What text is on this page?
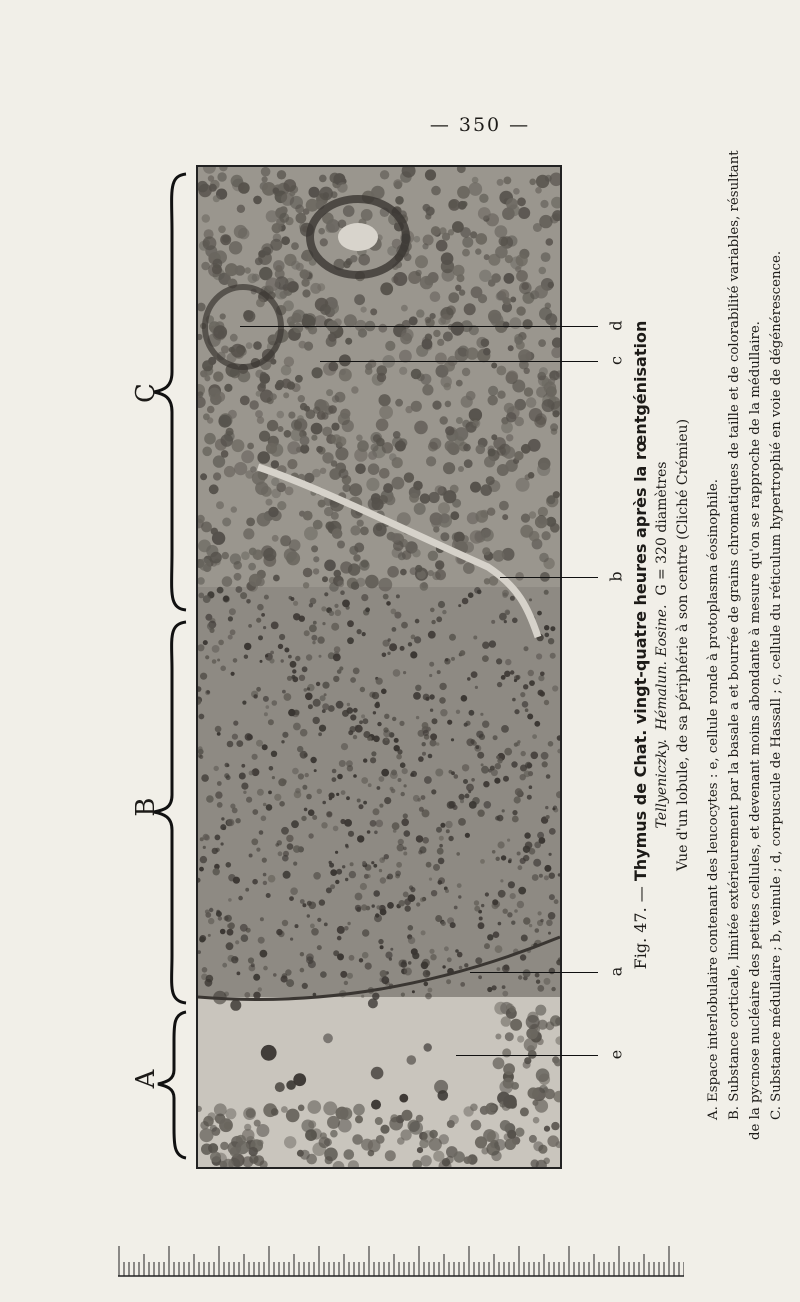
— 350 —
C
B
A
d
c
b
a
e

Fig. 47. — Thymus de Chat. vingt-quatre heures après la rœntgénisation Tellyeniczky.  Hémalun. Eosine.  G = 320 diamètres Vue d'un lobule, de sa périphérie à son centre (Cliché Crémieu) A. Espace interlobulaire contenant des leucocytes : e, cellule ronde à protoplasma éosinophile. B. Substance corticale, limitée extérieurement par la basale a et bourrée de grains chromatiques de taille et de colorabilité variables, résultant de la pycnose nucléaire des petites cellules, et devenant moins abondante à mesure qu'on se rapproche de la médullaire. C. Substance médullaire ; b, veinule ; d, corpuscule de Hassall ; c, cellule du réticulum hypertrophié en voie de dégénérescence.
